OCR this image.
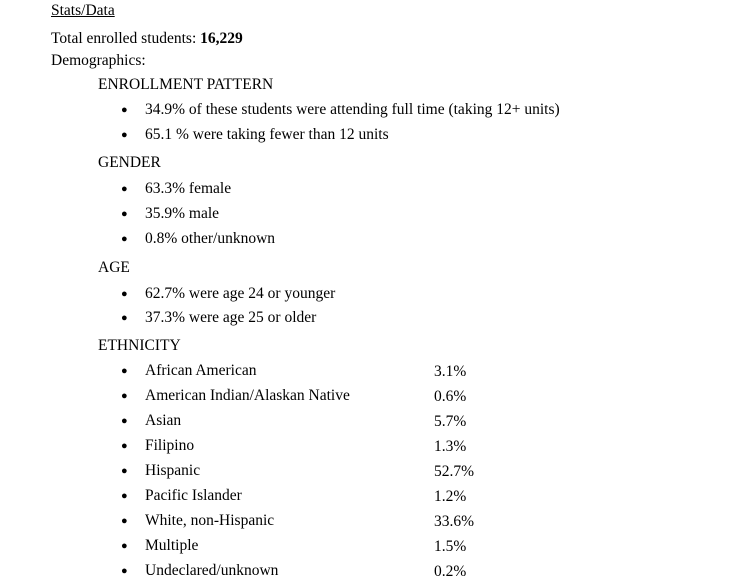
Stats/Data
Total enrolled students: 16,229
Demographics:
ENROLLMENT PATTERN
● 34.9% of these students were attending full time (taking 12+ units)
● 65.1 % were taking fewer than 12 units
GENDER
● 63.3% female
● 35.9% male
● 0.8% other/unknown
AGE
● 62.7% were age 24 or younger
● 37.3% were age 25 or older
ETHNICITY
● African American	3.1%
● American Indian/Alaskan Native	0.6%
● Asian	5.7%
● Filipino	1.3%
● Hispanic	52.7%
● Pacific Islander	1.2%
● White, non-Hispanic	33.6%
● Multiple	1.5%
● Undeclared/unknown	0.2%
